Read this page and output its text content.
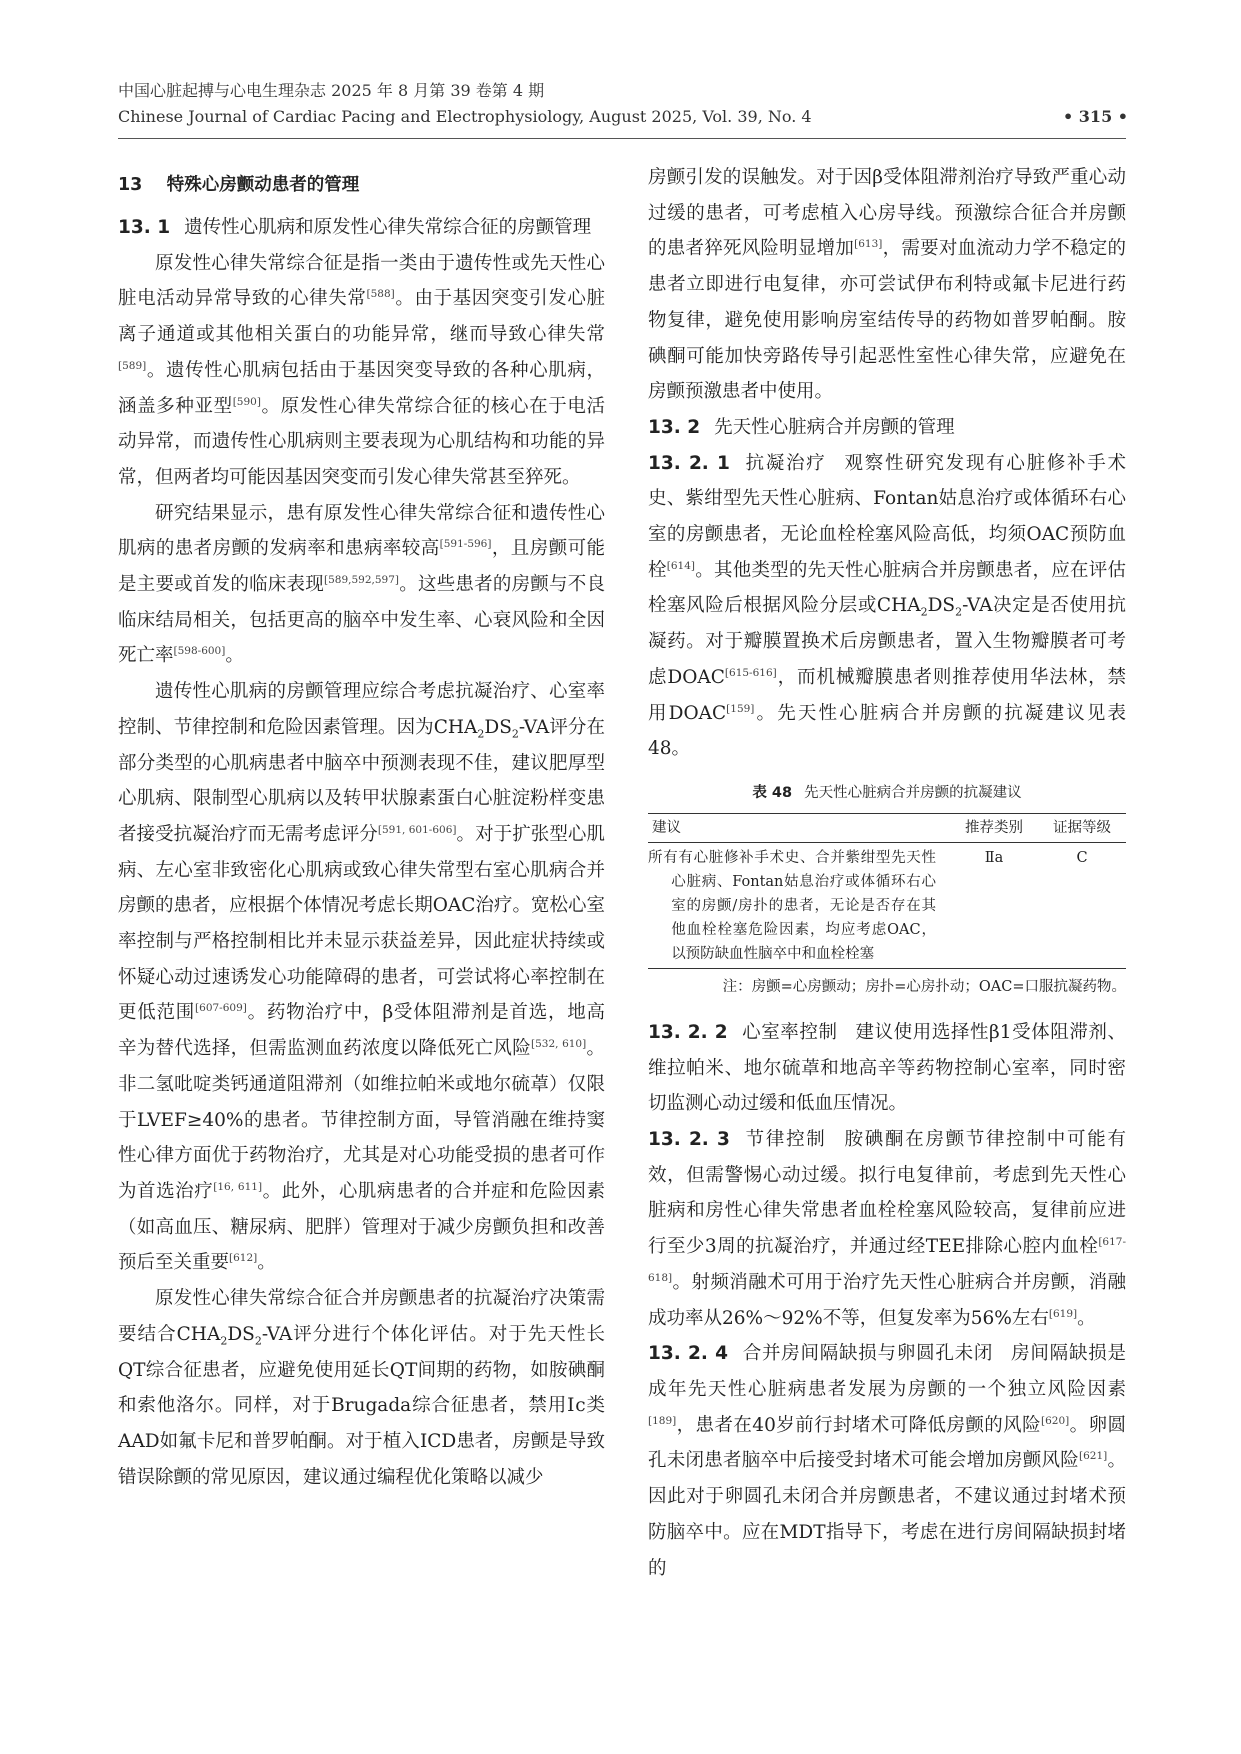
中国心脏起搏与心电生理杂志 2025 年 8 月第 39 卷第 4 期
Chinese Journal of Cardiac Pacing and Electrophysiology, August 2025, Vol. 39, No. 4	• 315 •
13 特殊心房颤动患者的管理
13. 1 遗传性心肌病和原发性心律失常综合征的房颤管理

原发性心律失常综合征是指一类由于遗传性或先天性心脏电活动异常导致的心律失常[588]。由于基因突变引发心脏离子通道或其他相关蛋白的功能异常，继而导致心律失常[589]。遗传性心肌病包括由于基因突变导致的各种心肌病，涵盖多种亚型[590]。原发性心律失常综合征的核心在于电活动异常，而遗传性心肌病则主要表现为心肌结构和功能的异常，但两者均可能因基因突变而引发心律失常甚至猝死。

研究结果显示，患有原发性心律失常综合征和遗传性心肌病的患者房颤的发病率和患病率较高[591-596]，且房颤可能是主要或首发的临床表现[589,592,597]。这些患者的房颤与不良临床结局相关，包括更高的脑卒中发生率、心衰风险和全因死亡率[598-600]。

遗传性心肌病的房颤管理应综合考虑抗凝治疗、心室率控制、节律控制和危险因素管理。因为$CHA_2DS_2-VA$评分在部分类型的心肌病患者中脑卒中预测表现不佳，建议肥厚型心肌病、限制型心肌病以及转甲状腺素蛋白心脏淀粉样变患者接受抗凝治疗而无需考虑评分[591, 601-606]。对于扩张型心肌病、左心室非致密化心肌病或致心律失常型右室心肌病合并房颤的患者，应根据个体情况考虑长期OAC治疗。宽松心室率控制与严格控制相比并未显示获益差异，因此症状持续或怀疑心动过速诱发心功能障碍的患者，可尝试将心率控制在更低范围[607-609]。药物治疗中，β受体阻滞剂是首选，地高辛为替代选择，但需监测血药浓度以降低死亡风险[532, 610]。非二氢吡啶类钙通道阻滞剂（如维拉帕米或地尔硫䓬）仅限于LVEF≥40%的患者。节律控制方面，导管消融在维持窦性心律方面优于药物治疗，尤其是对心功能受损的患者可作为首选治疗[16, 611]。此外，心肌病患者的合并症和危险因素（如高血压、糖尿病、肥胖）管理对于减少房颤负担和改善预后至关重要[612]。

原发性心律失常综合征合并房颤患者的抗凝治疗决策需要结合$CHA_2DS_2-VA$评分进行个体化评估。对于先天性长QT综合征患者，应避免使用延长QT间期的药物，如胺碘酮和索他洛尔。同样，对于Brugada综合征患者，禁用Ⅰc类AAD如氟卡尼和普罗帕酮。对于植入ICD患者，房颤是导致错误除颤的常见原因，建议通过编程优化策略以减少

房颤引发的误触发。对于因β受体阻滞剂治疗导致严重心动过缓的患者，可考虑植入心房导线。预激综合征合并房颤的患者猝死风险明显增加[613]，需要对血流动力学不稳定的患者立即进行电复律，亦可尝试伊布利特或氟卡尼进行药物复律，避免使用影响房室结传导的药物如普罗帕酮。胺碘酮可能加快旁路传导引起恶性室性心律失常，应避免在房颤预激患者中使用。

13. 2 先天性心脏病合并房颤的管理

13. 2. 1 抗凝治疗 观察性研究发现有心脏修补手术史、紫绀型先天性心脏病、Fontan姑息治疗或体循环右心室的房颤患者，无论血栓栓塞风险高低，均须OAC预防血栓[614]。其他类型的先天性心脏病合并房颤患者，应在评估栓塞风险后根据风险分层或$CHA_2DS_2-VA$决定是否使用抗凝药。对于瓣膜置换术后房颤患者，置入生物瓣膜者可考虑DOAC[615-616]，而机械瓣膜患者则推荐使用华法林，禁用DOAC[159]。先天性心脏病合并房颤的抗凝建议见表48。

表 48 先天性心脏病合并房颤的抗凝建议
建议	推荐类别	证据等级
所有有心脏修补手术史、合并紫绀型先天性心脏病、Fontan姑息治疗或体循环右心室的房颤/房扑的患者，无论是否存在其他血栓栓塞危险因素，均应考虑OAC，以预防缺血性脑卒中和血栓栓塞	Ⅱa	C
注：房颤=心房颤动；房扑=心房扑动；OAC=口服抗凝药物。

13. 2. 2 心室率控制 建议使用选择性β1受体阻滞剂、维拉帕米、地尔硫䓬和地高辛等药物控制心室率，同时密切监测心动过缓和低血压情况。

13. 2. 3 节律控制 胺碘酮在房颤节律控制中可能有效，但需警惕心动过缓。拟行电复律前，考虑到先天性心脏病和房性心律失常患者血栓栓塞风险较高，复律前应进行至少3周的抗凝治疗，并通过经TEE排除心腔内血栓[617-618]。射频消融术可用于治疗先天性心脏病合并房颤，消融成功率从26%～92%不等，但复发率为56%左右[619]。

13. 2. 4 合并房间隔缺损与卵圆孔未闭 房间隔缺损是成年先天性心脏病患者发展为房颤的一个独立风险因素[189]，患者在40岁前行封堵术可降低房颤的风险[620]。卵圆孔未闭患者脑卒中后接受封堵术可能会增加房颤风险[621]。因此对于卵圆孔未闭合并房颤患者，不建议通过封堵术预防脑卒中。应在MDT指导下，考虑在进行房间隔缺损封堵的
